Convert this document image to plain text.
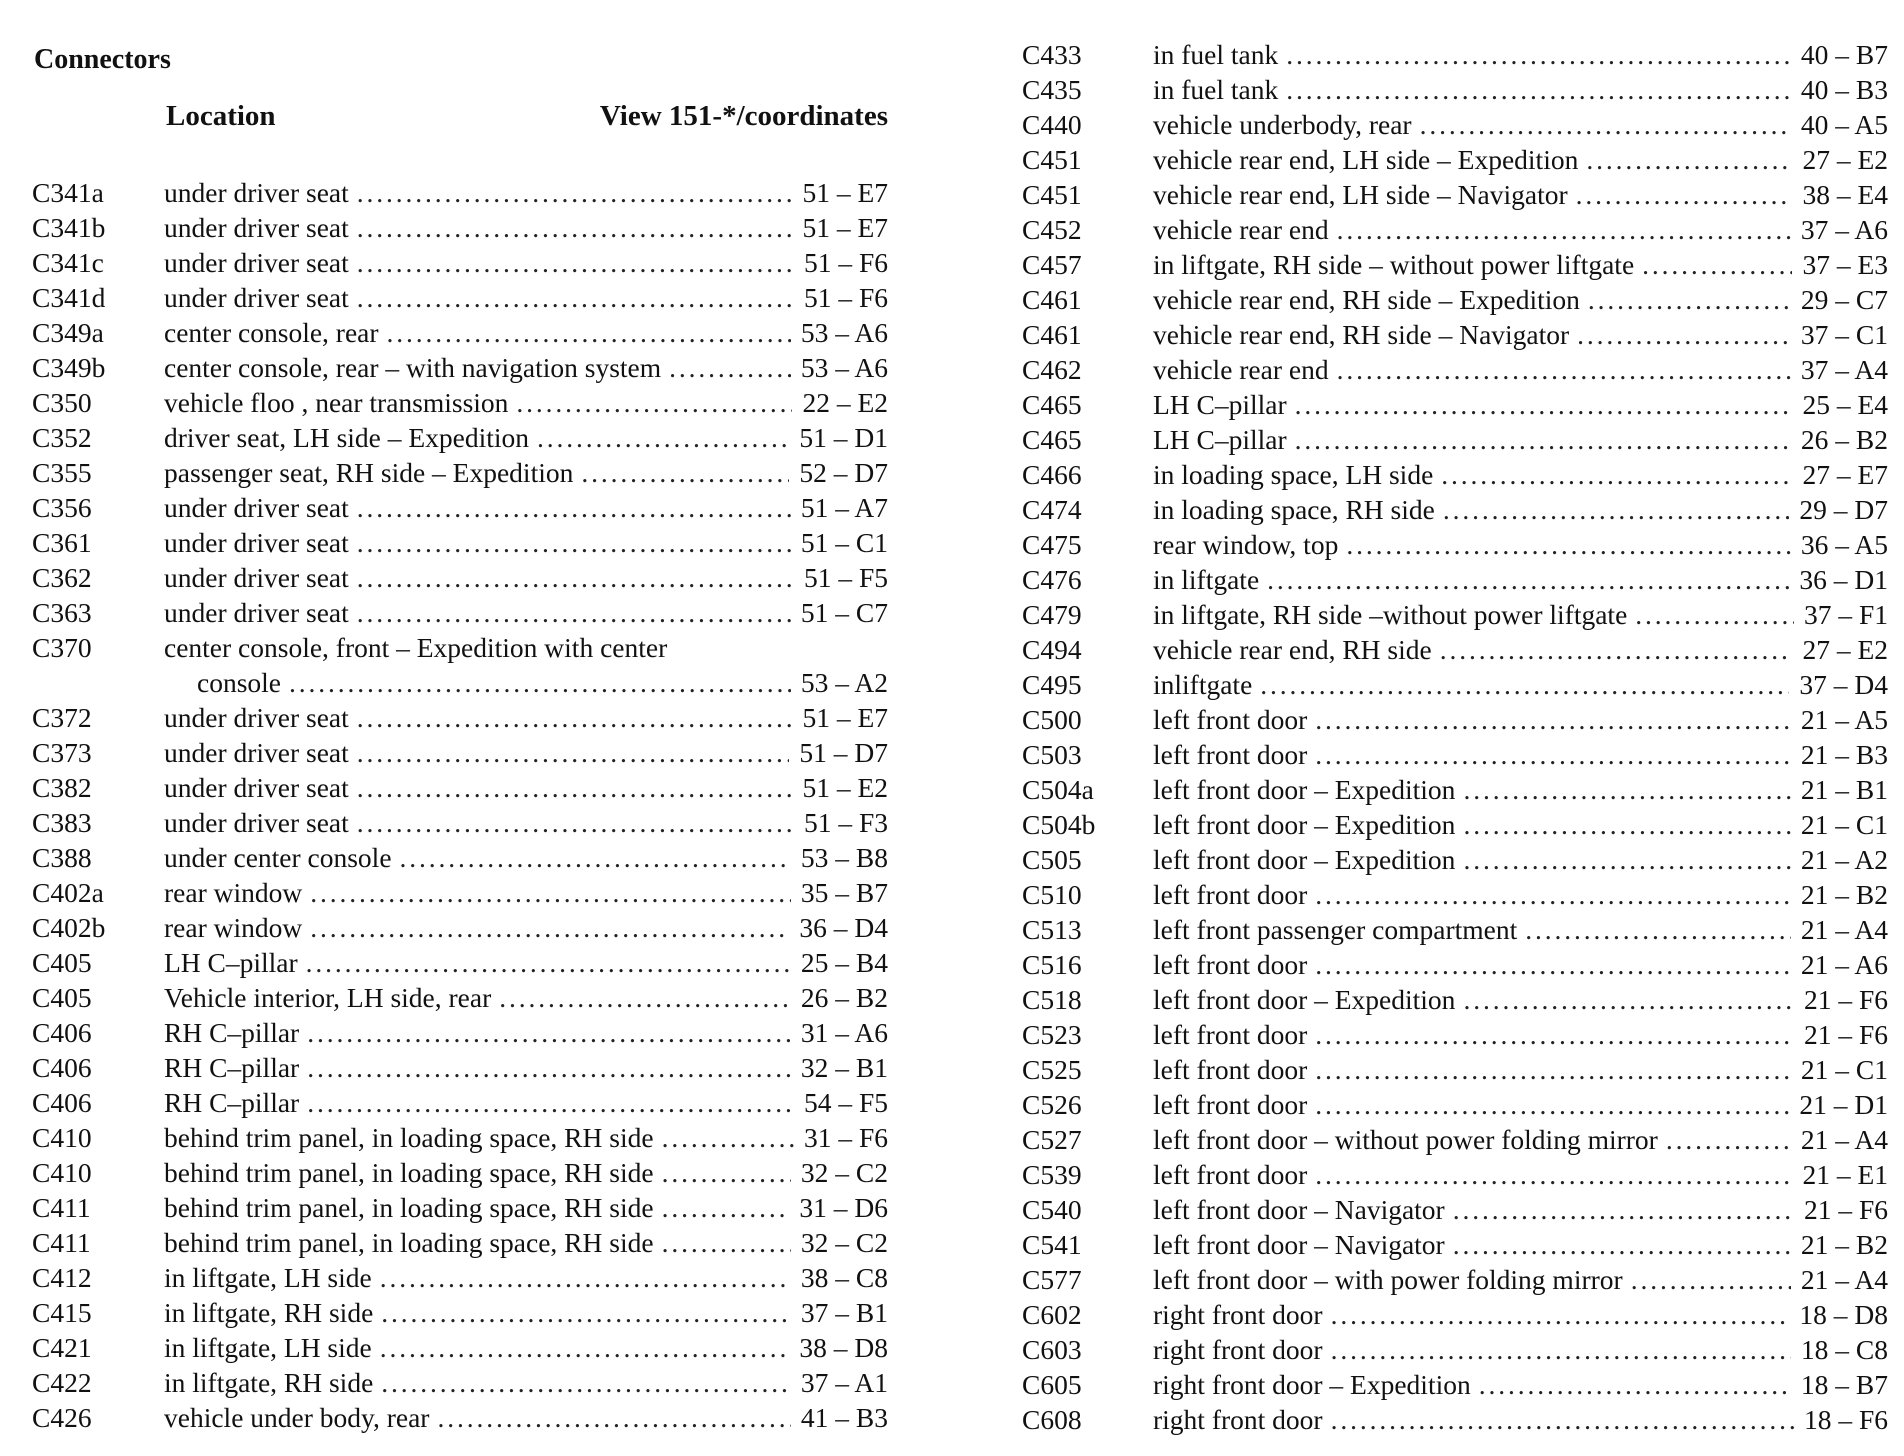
Connectors
Location	View 151-*/coordinates
C341a under driver seat . . .	51 – E7
C341b under driver seat . . .	51 – E7
C341c under driver seat . . .	51 – F6
C341d under driver seat . . .	51 – F6
C349a center console, rear . . .	53 – A6
C349b center console, rear – with navigation system . . .	53 – A6
C350	vehicle floo , near transmission . . .	22 – E2
C352	driver seat, LH side – Expedition . . .	51 – D1
C355	passenger seat, RH side – Expedition . . .	52 – D7
C356	under driver seat . . .	51 – A7
C361	under driver seat . . .	51 – C1
C362	under driver seat . . .	51 – F5
C363	under driver seat . . .	51 – C7
C370	center console, front – Expedition with center
console . . .	53 – A2
C372	under driver seat . . .	51 – E7
C373	under driver seat . . .	51 – D7
C382	under driver seat . . .	51 – E2
C383	under driver seat . . .	51 – F3
C388	under center console . . .	53 – B8
C402a rear window . . .	35 – B7
C402b rear window . . .	36 – D4
C405	LH C–pillar . . .	25 – B4
C405	Vehicle interior, LH side, rear . . .	26 – B2
C406	RH C–pillar . . .	31 – A6
C406	RH C–pillar . . .	32 – B1
C406	RH C–pillar . . .	54 – F5
C410	behind trim panel, in loading space, RH side . . .	31 – F6
C410	behind trim panel, in loading space, RH side . . .	32 – C2
C411	behind trim panel, in loading space, RH side . . .	31 – D6
C411	behind trim panel, in loading space, RH side . . .	32 – C2
C412	in liftgate, LH side . . .	38 – C8
C415	in liftgate, RH side . . .	37 – B1
C421	in liftgate, LH side . . .	38 – D8
C422	in liftgate, RH side . . .	37 – A1
C426	vehicle under body, rear . . .	41 – B3
C433	in fuel tank . . .	40 – B7
C435	in fuel tank . . .	40 – B3
C440	vehicle underbody, rear . . .	40 – A5
C451	vehicle rear end, LH side – Expedition . . .	27 – E2
C451	vehicle rear end, LH side – Navigator . . .	38 – E4
C452	vehicle rear end . . .	37 – A6
C457	in liftgate, RH side – without power liftgate . . .	37 – E3
C461	vehicle rear end, RH side – Expedition . . .	29 – C7
C461	vehicle rear end, RH side – Navigator . . .	37 – C1
C462	vehicle rear end . . .	37 – A4
C465	LH C–pillar . . .	25 – E4
C465	LH C–pillar . . .	26 – B2
C466	in loading space, LH side . . .	27 – E7
C474	in loading space, RH side . . .	29 – D7
C475	rear window, top . . .	36 – A5
C476	in liftgate . . .	36 – D1
C479	in liftgate, RH side –without power liftgate . . .	37 – F1
C494	vehicle rear end, RH side . . .	27 – E2
C495	inliftgate . . .	37 – D4
C500	left front door . . .	21 – A5
C503	left front door . . .	21 – B3
C504a left front door – Expedition . . .	21 – B1
C504b left front door – Expedition . . .	21 – C1
C505	left front door – Expedition . . .	21 – A2
C510	left front door . . .	21 – B2
C513	left front passenger compartment . . .	21 – A4
C516	left front door . . .	21 – A6
C518	left front door – Expedition . . .	21 – F6
C523	left front door . . .	21 – F6
C525	left front door . . .	21 – C1
C526	left front door . . .	21 – D1
C527	left front door – without power folding mirror . . .	21 – A4
C539	left front door . . .	21 – E1
C540	left front door – Navigator . . .	21 – F6
C541	left front door – Navigator . . .	21 – B2
C577	left front door – with power folding mirror . . .	21 – A4
C602	right front door . . .	18 – D8
C603	right front door . . .	18 – C8
C605	right front door – Expedition . . .	18 – B7
C608	right front door . . .	18 – F6
